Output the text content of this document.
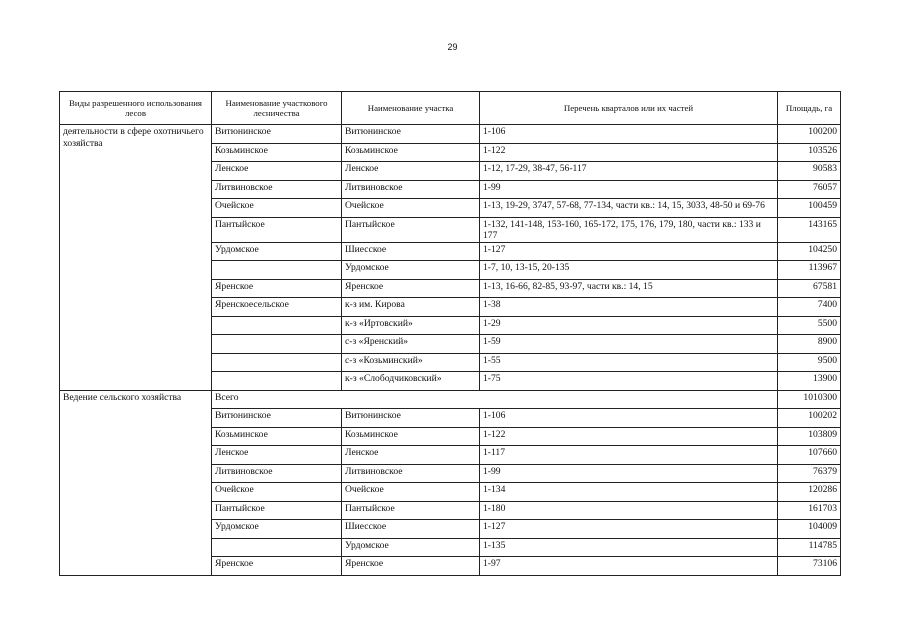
29
Виды разрешенного использования лесов	Наименование участкового лесничества	Наименование участка	Перечень кварталов или их частей	Площадь, га
деятельности в сфере охотничьего хозяйства	Витюнинское	Витюнинское	1-106	100200
	Козьминское	Козьминское	1-122	103526
	Ленское	Ленское	1-12, 17-29, 38-47, 56-117	90583
	Литвиновское	Литвиновское	1-99	76057
	Очейское	Очейское	1-13, 19-29, 3747, 57-68, 77-134, части кв.: 14, 15, 3033, 48-50 и 69-76	100459
	Пантыйское	Пантыйское	1-132, 141-148, 153-160, 165-172, 175, 176, 179, 180, части кв.: 133 и 177	143165
	Урдомское	Шиесское	1-127	104250
		Урдомское	1-7, 10, 13-15, 20-135	113967
	Яренское	Яренское	1-13, 16-66, 82-85, 93-97, части кв.: 14, 15	67581
	Яренскоесельское	к-з им. Кирова	1-38	7400
		к-з «Иртовский»	1-29	5500
		с-з «Яренский»	1-59	8900
		с-з «Козьминский»	1-55	9500
		к-з «Слободчиковский»	1-75	13900
Ведение сельского хозяйства	Всего			1010300
	Витюнинское	Витюнинское	1-106	100202
	Козьминское	Козьминское	1-122	103809
	Ленское	Ленское	1-117	107660
	Литвиновское	Литвиновское	1-99	76379
	Очейское	Очейское	1-134	120286
	Пантыйское	Пантыйское	1-180	161703
	Урдомское	Шиесское	1-127	104009
		Урдомское	1-135	114785
	Яренское	Яренское	1-97	73106
